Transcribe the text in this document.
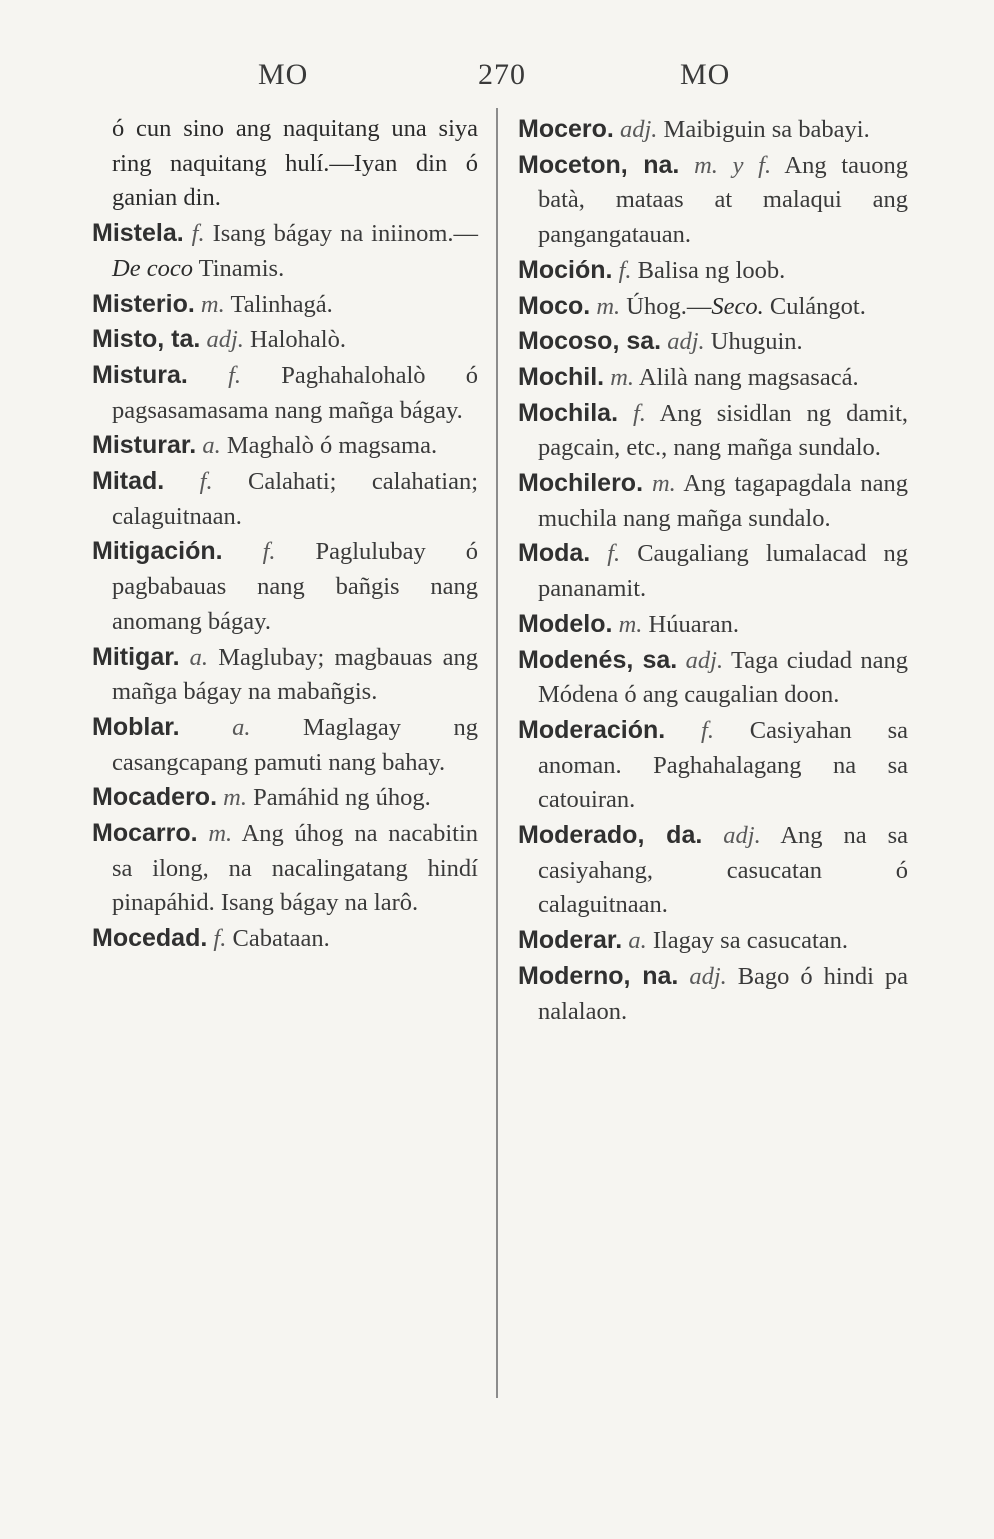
MO	270	MO

ó cun sino ang naquitang una siya ring naquitang hulí.—Iyan din ó ganian din.

Mistela. f. Isang bágay na iniinom.—De coco Tinamis.

Misterio. m. Talinhagá.

Misto, ta. adj. Halohalò.

Mistura. f. Paghahalohalò ó pagsasamasama nang mañga bágay.

Misturar. a. Maghalò ó magsama.

Mitad. f. Calahati; calahatian; calaguitnaan.

Mitigación. f. Paglulubay ó pagbabauas nang bañgis nang anomang bágay.

Mitigar. a. Maglubay; magbauas ang mañga bágay na mabañgis.

Moblar. a. Maglagay ng casangcapang pamuti nang bahay.

Mocadero. m. Pamáhid ng úhog.

Mocarro. m. Ang úhog na nacabitin sa ilong, na nacalingatang hindí pinapáhid. Isang bágay na larô.

Mocedad. f. Cabataan.

Mocero. adj. Maibiguin sa babayi.

Moceton, na. m. y f. Ang tauong batà, mataas at malaqui ang pangangatauan.

Moción. f. Balisa ng loob.

Moco. m. Úhog.—Seco. Culángot.

Mocoso, sa. adj. Uhuguin.

Mochil. m. Alilà nang magsasacá.

Mochila. f. Ang sisidlan ng damit, pagcain, etc., nang mañga sundalo.

Mochilero. m. Ang tagapagdala nang muchila nang mañga sundalo.

Moda. f. Caugaliang lumalacad ng pananamit.

Modelo. m. Húuaran.

Modenés, sa. adj. Taga ciudad nang Módena ó ang caugalian doon.

Moderación. f. Casiyahan sa anoman. Paghahalagang na sa catouiran.

Moderado, da. adj. Ang na sa casiyahang, casucatan ó calaguitnaan.

Moderar. a. Ilagay sa casucatan.

Moderno, na. adj. Bago ó hindi pa nalalaon.
